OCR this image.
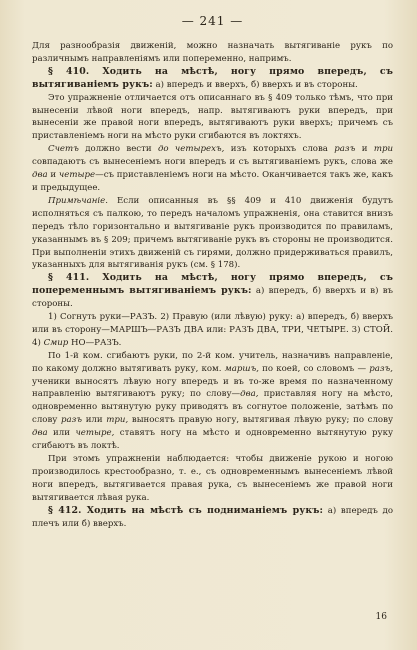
— 241 —

Для разнообразія движеній, можно назначать вытягиваніе рукъ по различнымъ направленіямъ или попеременно, напримъ.

§ 410. Ходить на мѣстѣ, ногу прямо впередъ, съ вытягиваніемъ рукъ: а) впередъ и вверхъ, б) вверхъ и въ стороны.

Это упражненіе отличается отъ описаннаго въ § 409 только тѣмъ, что при вынесеніи лѣвой ноги впередъ, напр. вытягиваютъ руки впередъ, при вынесеніи же правой ноги впередъ, вытягиваютъ руки вверхъ; причемъ съ приставленіемъ ноги на мѣсто руки сгибаются въ локтяхъ.

Счетъ должно вести до четырехъ, изъ которыхъ слова разъ и три совпадаютъ съ вынесеніемъ ноги впередъ и съ вытягиваніемъ рукъ, слова же два и четыре—съ приставленіемъ ноги на мѣсто. Оканчивается такъ же, какъ и предыдущее.

Примѣчаніе. Если описанныя въ §§ 409 и 410 движенія будутъ исполняться съ палкою, то передъ началомъ упражненія, она ставится внизъ передъ тѣло горизонтально и вытягиваніе рукъ производится по правиламъ, указаннымъ въ § 209; причемъ вытягиваніе рукъ въ стороны не производится. При выполненіи этихъ движеній съ гирями, должно придерживаться правилъ, указанныхъ для вытягиванія рукъ (см. § 178).

§ 411. Ходить на мѣстѣ, ногу прямо впередъ, съ попеременнымъ вытягиваніемъ рукъ: а) впередъ, б) вверхъ и в) въ стороны.

1) Согнуть руки—РАЗЪ. 2) Правую (или лѣвую) руку: а) впередъ, б) вверхъ или въ сторону—МАРШЪ—РАЗЪ ДВА или: РАЗЪ ДВА, ТРИ, ЧЕТЫРЕ. 3) СТОЙ. 4) Смир НО—РАЗЪ.

По 1-й ком. сгибаютъ руки, по 2-й ком. учитель, назначивъ направленіе, по какому должно вытягивать руку, ком. маршъ, по коей, со словомъ — разъ, ученики выносятъ лѣвую ногу впередъ и въ то-же время по назначенному направленію вытягиваютъ руку; по слову—два, приставляя ногу на мѣсто, одновременно вытянутую руку приводятъ въ согнутое положеніе, затѣмъ по слову разъ или три, выносятъ правую ногу, вытягивая лѣвую руку; по слову два или четыре, ставятъ ногу на мѣсто и одновременно вытянутую руку сгибаютъ въ локтѣ.

При этомъ упражненіи наблюдается: чтобы движеніе рукою и ногою производилось крестообразно, т. е., съ одновременнымъ вынесеніемъ лѣвой ноги впередъ, вытягивается правая рука, съ вынесеніемъ же правой ноги вытягивается лѣвая рука.

§ 412. Ходить на мѣстѣ съ подниманіемъ рукъ: а) впередъ до плечъ или б) вверхъ.

16
